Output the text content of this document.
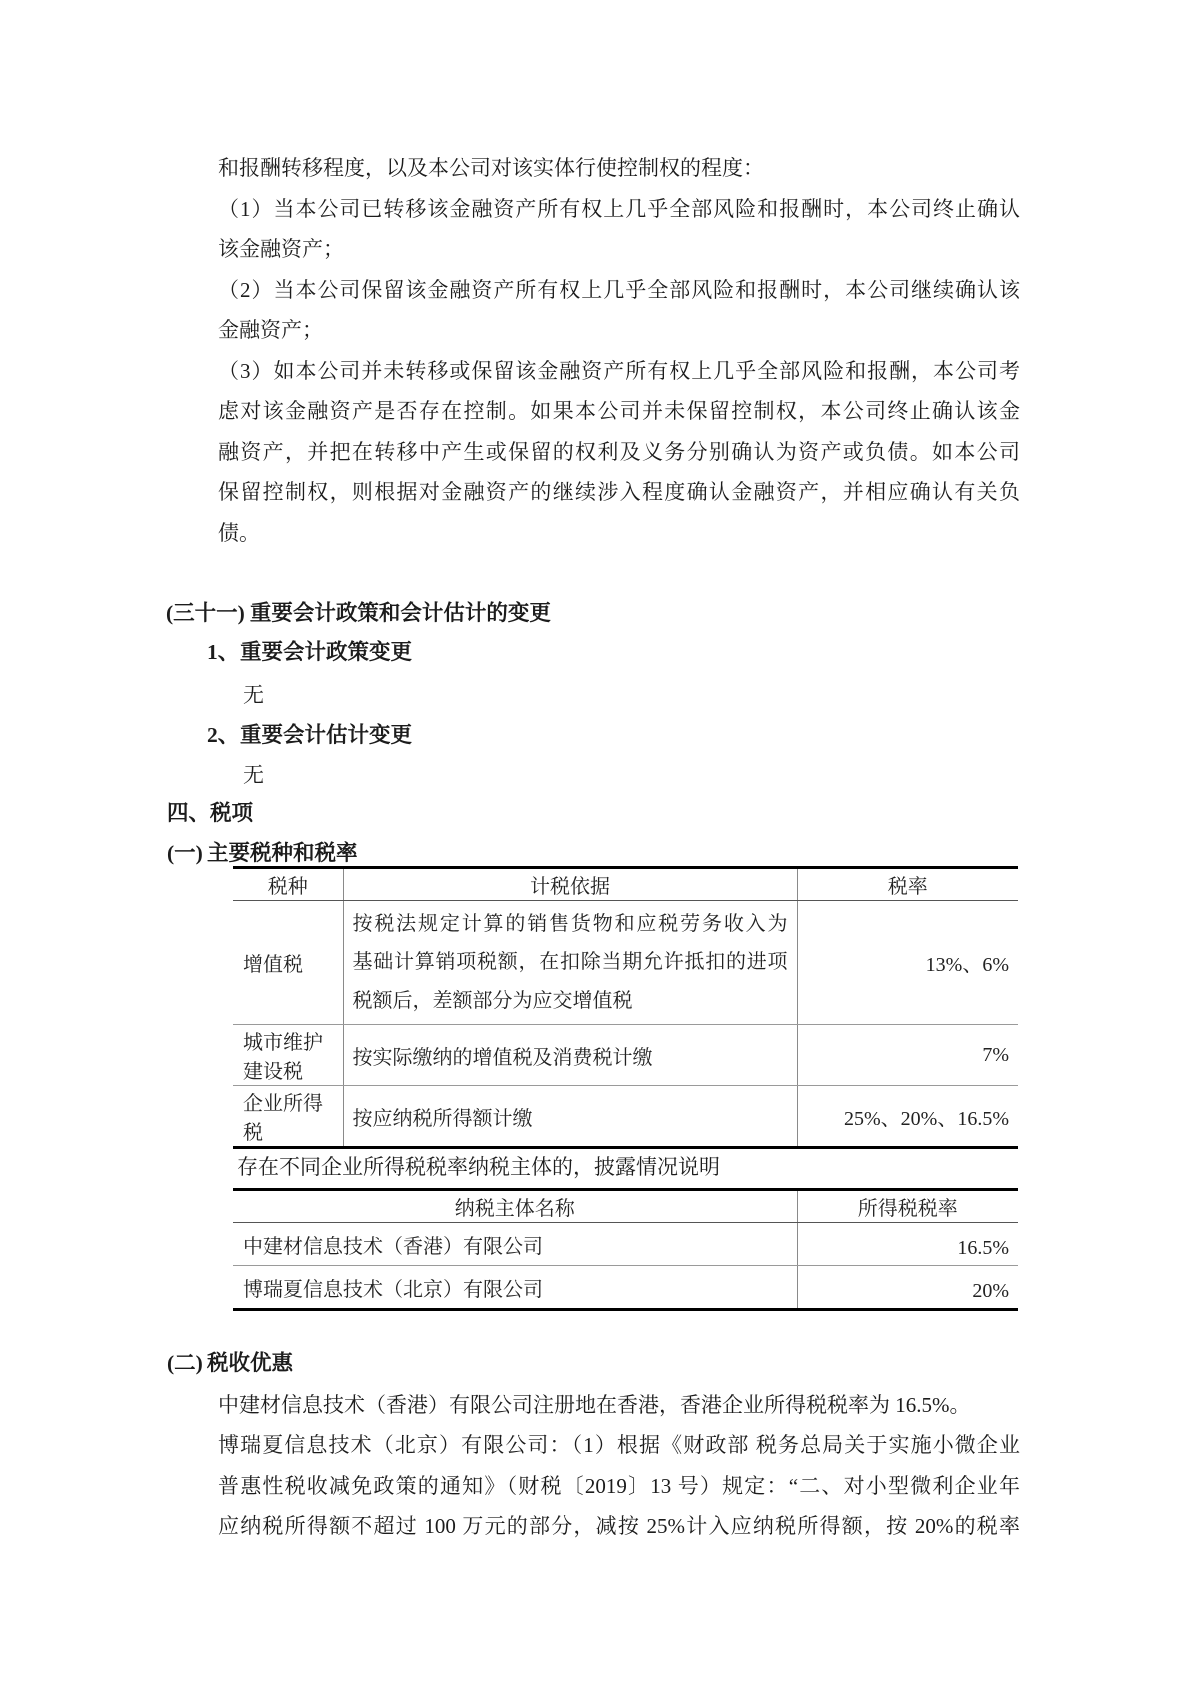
和报酬转移程度，以及本公司对该实体行使控制权的程度：
（1）当本公司已转移该金融资产所有权上几乎全部风险和报酬时，本公司终止确认
该金融资产；
（2）当本公司保留该金融资产所有权上几乎全部风险和报酬时，本公司继续确认该
金融资产；
（3）如本公司并未转移或保留该金融资产所有权上几乎全部风险和报酬，本公司考
虑对该金融资产是否存在控制。如果本公司并未保留控制权，本公司终止确认该金
融资产，并把在转移中产生或保留的权利及义务分别确认为资产或负债。如本公司
保留控制权，则根据对金融资产的继续涉入程度确认金融资产，并相应确认有关负
债。
(三十一) 重要会计政策和会计估计的变更
1、重要会计政策变更
无
2、重要会计估计变更
无
四、税项
(一) 主要税种和税率
税种	计税依据	税率
增值税	按税法规定计算的销售货物和应税劳务收入为
基础计算销项税额，在扣除当期允许抵扣的进项
税额后，差额部分为应交增值税	13%、6%
城市维护建设税	按实际缴纳的增值税及消费税计缴	7%
企业所得税	按应纳税所得额计缴	25%、20%、16.5%
存在不同企业所得税税率纳税主体的，披露情况说明
纳税主体名称	所得税税率
中建材信息技术（香港）有限公司	16.5%
博瑞夏信息技术（北京）有限公司	20%
(二) 税收优惠
中建材信息技术（香港）有限公司注册地在香港，香港企业所得税税率为 16.5%。
博瑞夏信息技术（北京）有限公司：（1）根据《财政部 税务总局关于实施小微企业
普惠性税收减免政策的通知》（财税〔2019〕13 号）规定：“二、对小型微利企业年
应纳税所得额不超过 100 万元的部分，减按 25%计入应纳税所得额，按 20%的税率
